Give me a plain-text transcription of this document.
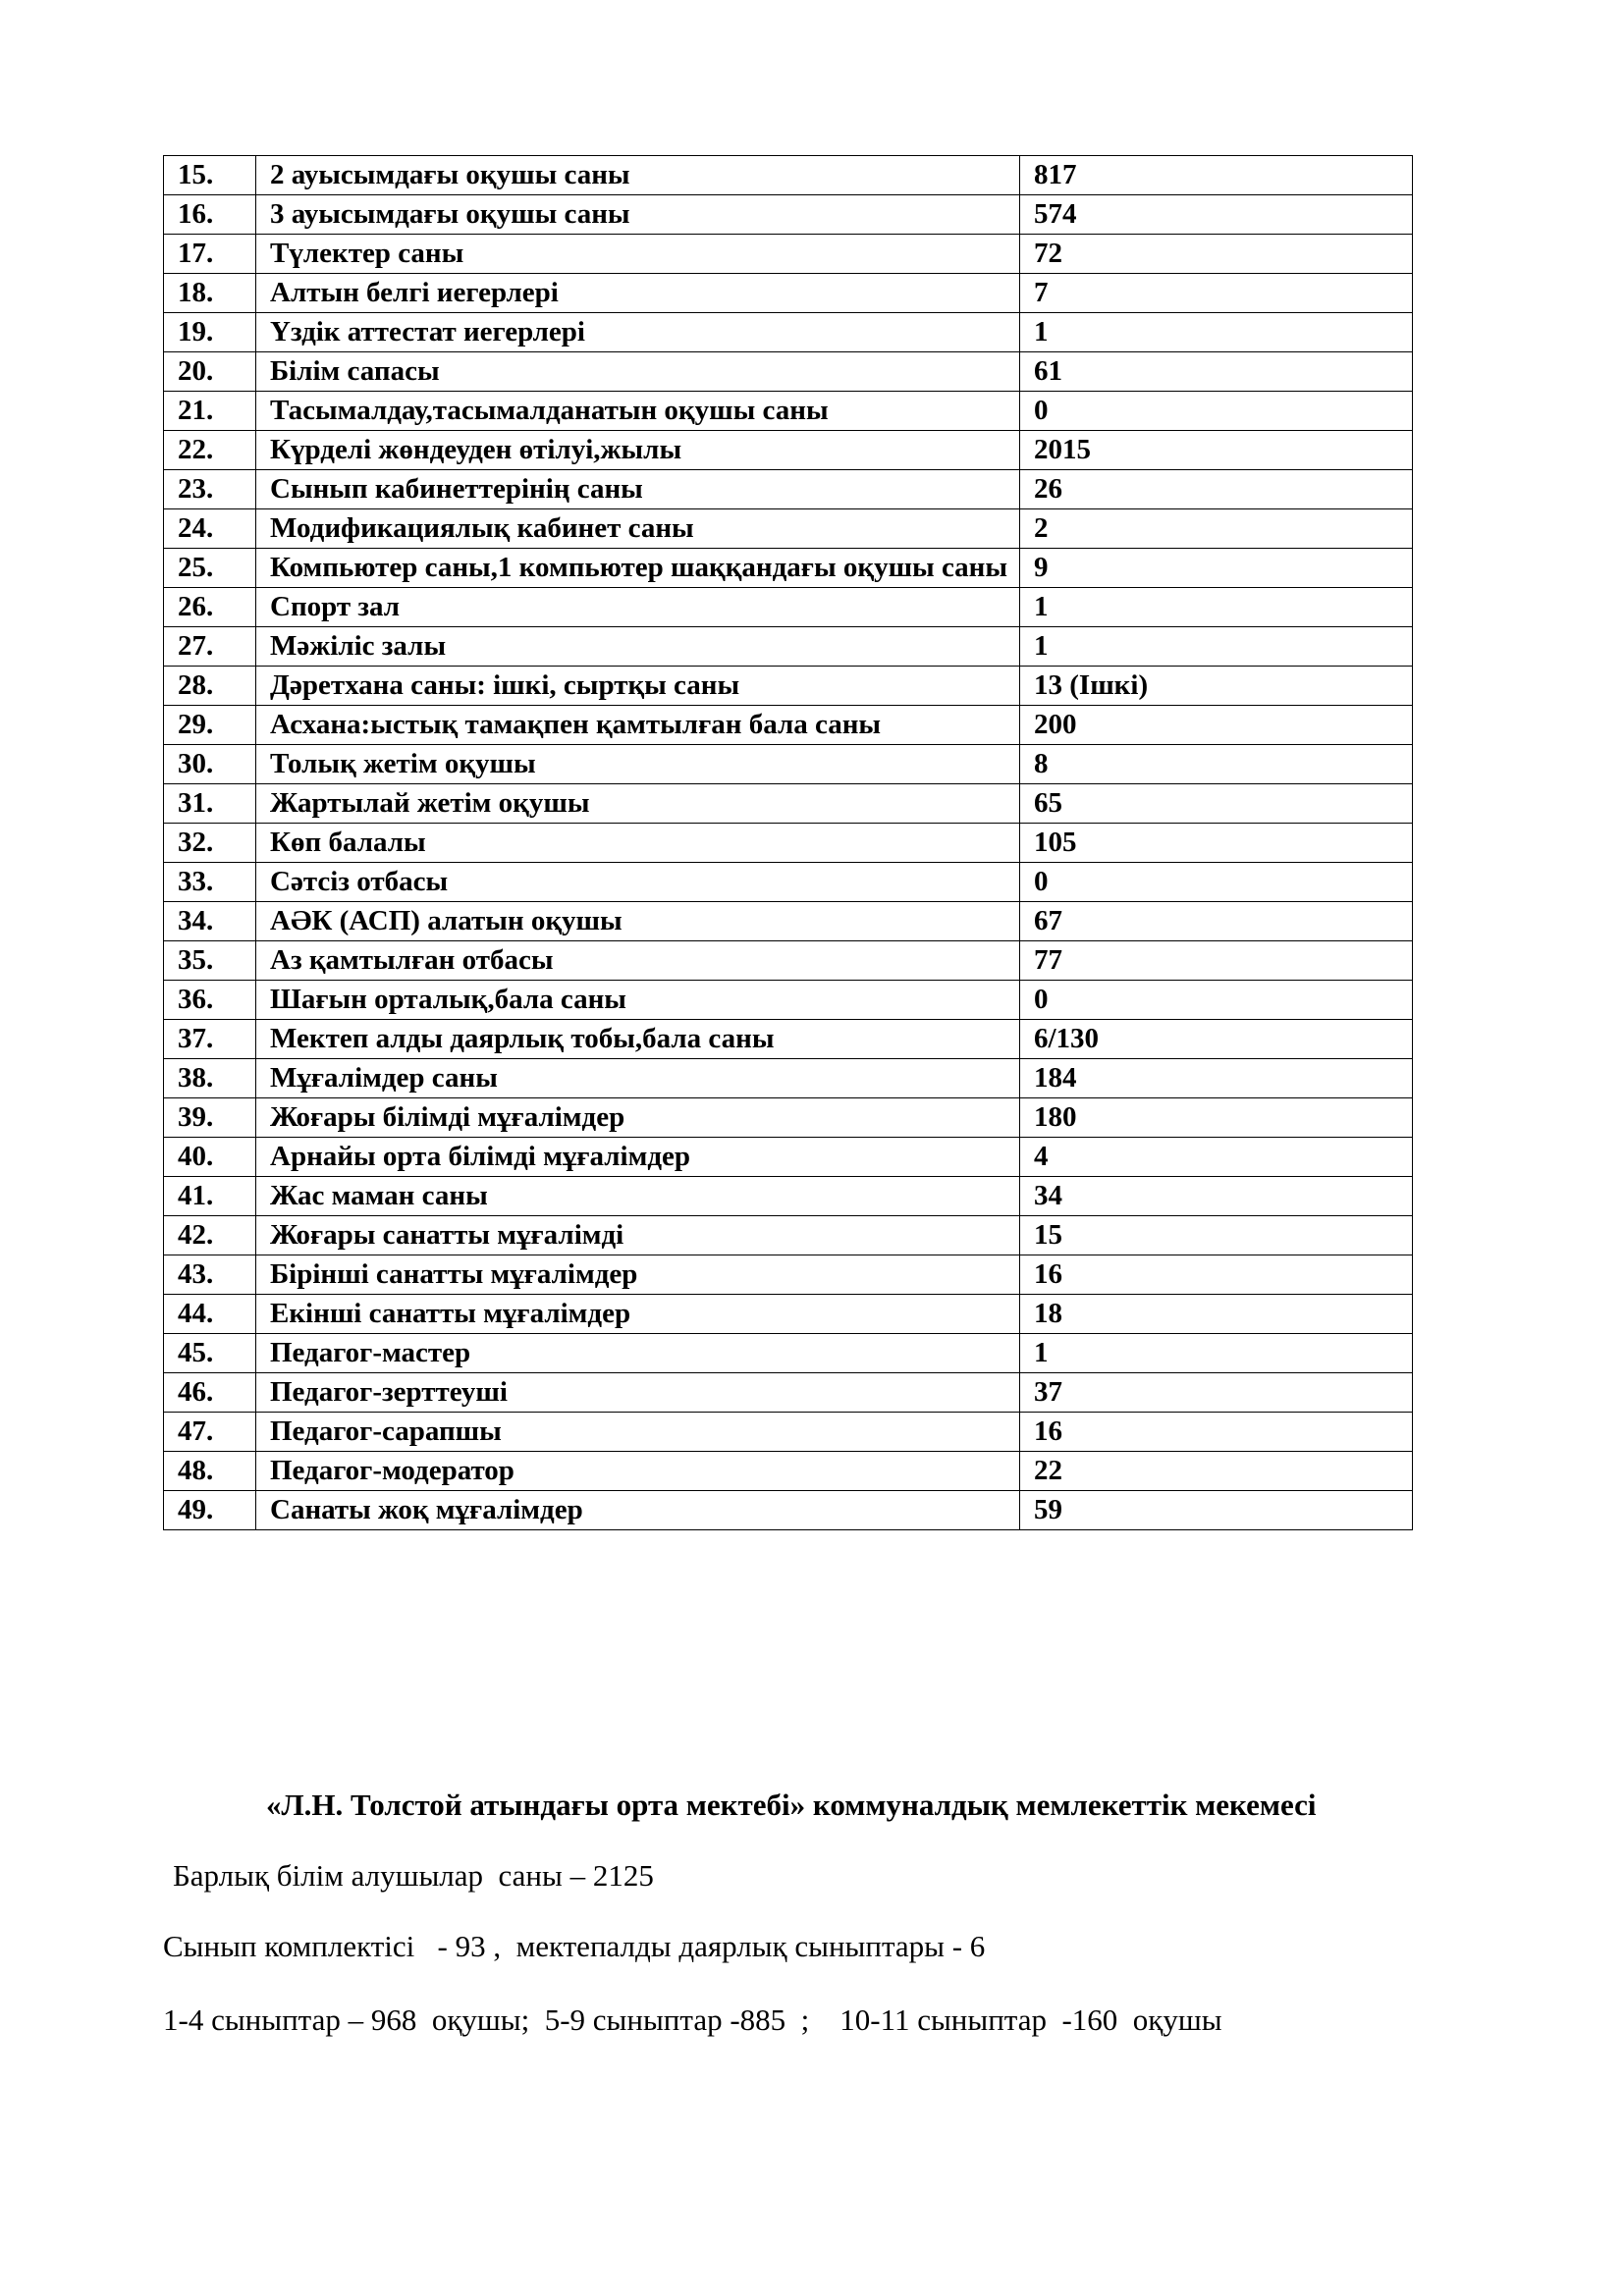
15.	2 ауысымдағы оқушы саны	817
16.	3 ауысымдағы оқушы саны	574
17.	Түлектер саны	72
18.	Алтын белгі иегерлері	7
19.	Үздік аттестат иегерлері	1
20.	Білім сапасы	61
21.	Тасымалдау,тасымалданатын оқушы саны	0
22.	Күрделі жөндеуден өтілуі,жылы	2015
23.	Сынып кабинеттерінің саны	26
24.	Модификациялық кабинет саны	2
25.	Компьютер саны,1 компьютер шаққандағы оқушы саны	9
26.	Спорт зал	1
27.	Мәжіліс залы	1
28.	Дәретхана саны: ішкі, сыртқы саны	13 (Ішкі)
29.	Асхана:ыстық тамақпен қамтылған бала саны	200
30.	Толық жетім оқушы	8
31.	Жартылай жетім оқушы	65
32.	Көп балалы	105
33.	Сәтсіз отбасы	0
34.	АӘК (АСП) алатын оқушы	67
35.	Аз қамтылған отбасы	77
36.	Шағын орталық,бала саны	0
37.	Мектеп алды даярлық тобы,бала саны	6/130
38.	Мұғалімдер саны	184
39.	Жоғары білімді мұғалімдер	180
40.	Арнайы орта білімді мұғалімдер	4
41.	Жас маман саны	34
42.	Жоғары санатты мұғалімді	15
43.	Бірінші санатты мұғалімдер	16
44.	Екінші санатты мұғалімдер	18
45.	Педагог-мастер	1
46.	Педагог-зерттеуші	37
47.	Педагог-сарапшы	16
48.	Педагог-модератор	22
49.	Санаты жоқ мұғалімдер	59
«Л.Н. Толстой атындағы орта мектебі» коммуналдық мемлекеттік мекемесі
Барлық білім алушылар  саны – 2125
Сынып комплектісі   - 93 ,  мектепалды даярлық сыныптары - 6
1-4 сыныптар – 968  оқушы;  5-9 сыныптар -885  ;    10-11 сыныптар  -160  оқушы
